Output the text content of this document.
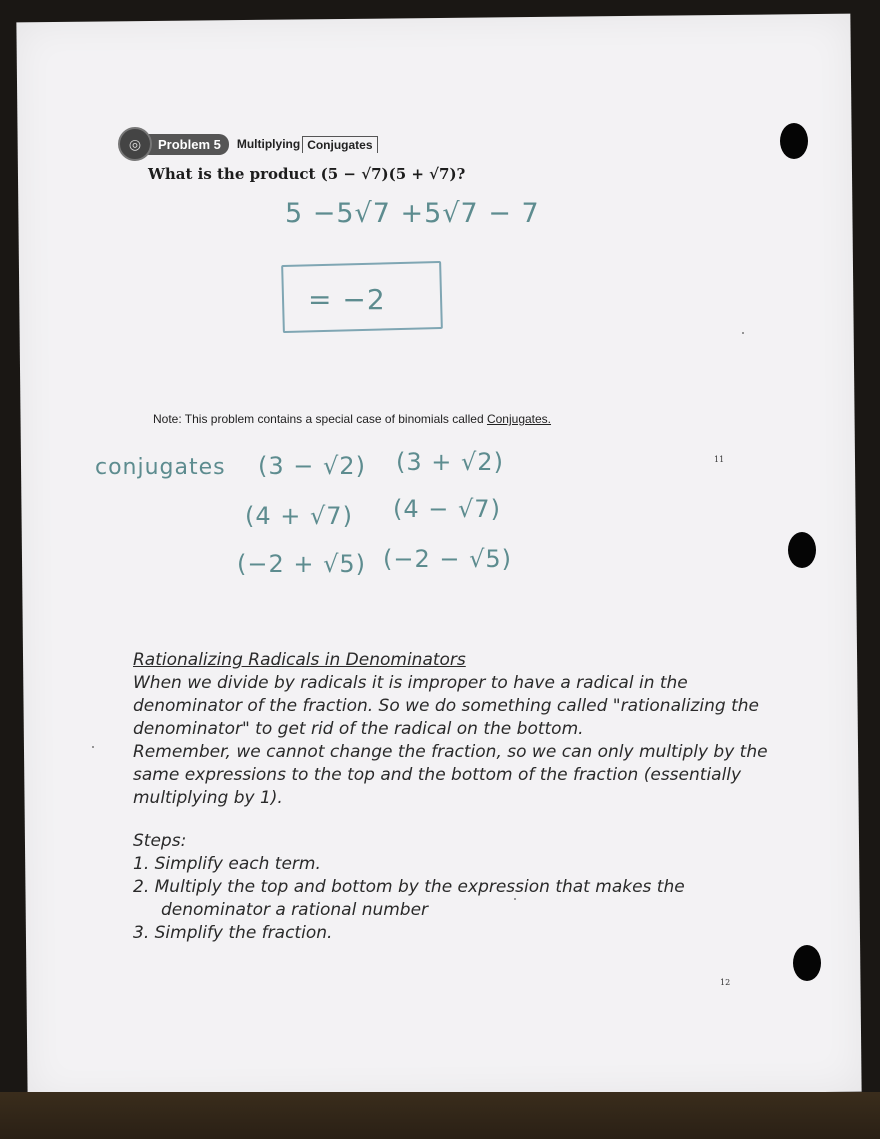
◎	Problem 5	Multiplying Conjugates
What is the product (5 − √7)(5 + √7)?
5 −5√7 +5√7 − 7
= −2
Note: This problem contains a special case of binomials called Conjugates.
conjugates (3 − √2) (3 + √2)
(4 + √7) (4 − √7)
(−2 + √5) (−2 − √5)
11
12
Rationalizing Radicals in Denominators

When we divide by radicals it is improper to have a radical in the denominator of the fraction. So we do something called "rationalizing the denominator" to get rid of the radical on the bottom.

Remember, we cannot change the fraction, so we can only multiply by the same expressions to the top and the bottom of the fraction (essentially multiplying by 1).

Steps:

1. Simplify each term.
2. Multiply the top and bottom by the expression that makes the denominator a rational number
3. Simplify the fraction.
